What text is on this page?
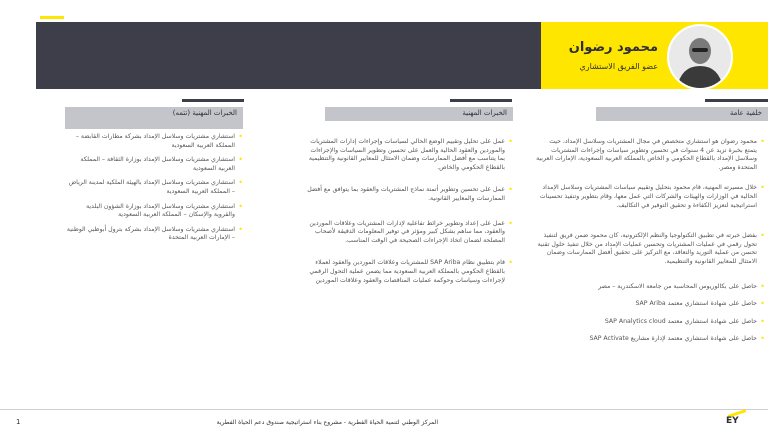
محمود رضوان
عضو الفريق الاستشاري
خلفية عامة
الخبرات المهنية
الخبرات المهنية (تتمه)
• محمود رضوان هو استشاري متخصص في مجال المشتريات وسلاسل الإمداد، حيث يتمتع بخبرة تزيد عن 4 سنوات في تحسين وتطوير سياسات وإجراءات المشتريات وسلاسل الإمداد بالقطاع الحكومي و الخاص بالمملكة العربية السعودية، الإمارات العربية المتحدة ومصر.
• خلال مسيرته المهنية، قام محمود بتحليل وتقييم سياسات المشتريات وسلاسل الإمداد الحالية في الوزارات والهيئات والشركات التي عمل معها، وقام بتطوير وتنفيذ تحسينات استراتيجية لتعزيز الكفاءة و تحقيق التوفير في التكاليف.
• بفضل خبرته في تطبيق التكنولوجيا والنظم الإلكترونية، كان محمود ضمن فريق لتنفيذ تحول رقمي في عمليات المشتريات وتحسين عمليات الإمداد من خلال تنفيذ حلول تقنية تحسن من عملية التوريد والتعاقد، مع التركيز على تحقيق أفضل الممارسات وضمان الامتثال للمعايير القانونية والتنظيمية.
• حاصل على بكالوريوس المحاسبة من جامعة الاسكندرية – مصر
• حاصل على شهادة استشاري معتمد SAP Ariba
• حاصل على شهادة استشاري معتمد SAP Analytics cloud
• حاصل على شهادة استشاري معتمد لإدارة مشاريع SAP Activate
• عمل على تحليل وتقييم الوضع الحالي لسياسات وإجراءات إدارات المشتريات والموردين والعقود الحالية والعمل على تحسين وتطوير السياسات والإجراءات بما يتناسب مع أفضل الممارسات وضمان الامتثال للمعايير القانونية والتنظيمية بالقطاع الحكومي والخاص.
• عمل على تحسين وتطوير أتمتة نماذج المشتريات والعقود بما يتوافق مع أفضل الممارسات والمعايير القانونية.
• عمل على إعداد وتطوير خرائط تفاعلية لإدارات المشتريات وعلاقات الموردين والعقود، مما ساهم بشكل كبير ومؤثر في توفير المعلومات الدقيقة لأصحاب المصلحة لضمان اتخاذ الإجراءات الصحيحة في الوقت المناسب.
• قام بتطبيق نظام SAP Ariba للمشتريات وعلاقات الموردين والعقود لعملاء بالقطاع الحكومي بالمملكة العربية السعودية مما يضمن عملية التحول الرقمي لإجراءات وسياسات وحوكمة عمليات المناقصات والعقود وعلاقات الموردين
• استشاري مشتريات وسلاسل الإمداد بشركة مطارات القابضة – المملكة العربية السعودية
• استشاري مشتريات وسلاسل الإمداد بوزارة الثقافة – المملكة العربية السعودية
• استشاري مشتريات وسلاسل الإمداد بالهيئة الملكية لمدينة الرياض – المملكة العربية السعودية
• استشاري مشتريات وسلاسل الإمداد بوزارة الشؤون البلدية والقروية والإسكان – المملكة العربية السعودية
• استشاري مشتريات وسلاسل الإمداد بشركة بترول أبوظبي الوطنية – الإمارات العربية المتحدة
1	المركز الوطني لتنمية الحياة الفطرية - مشروع بناء استراتيجية صندوق دعم الحياة الفطرية	EY
